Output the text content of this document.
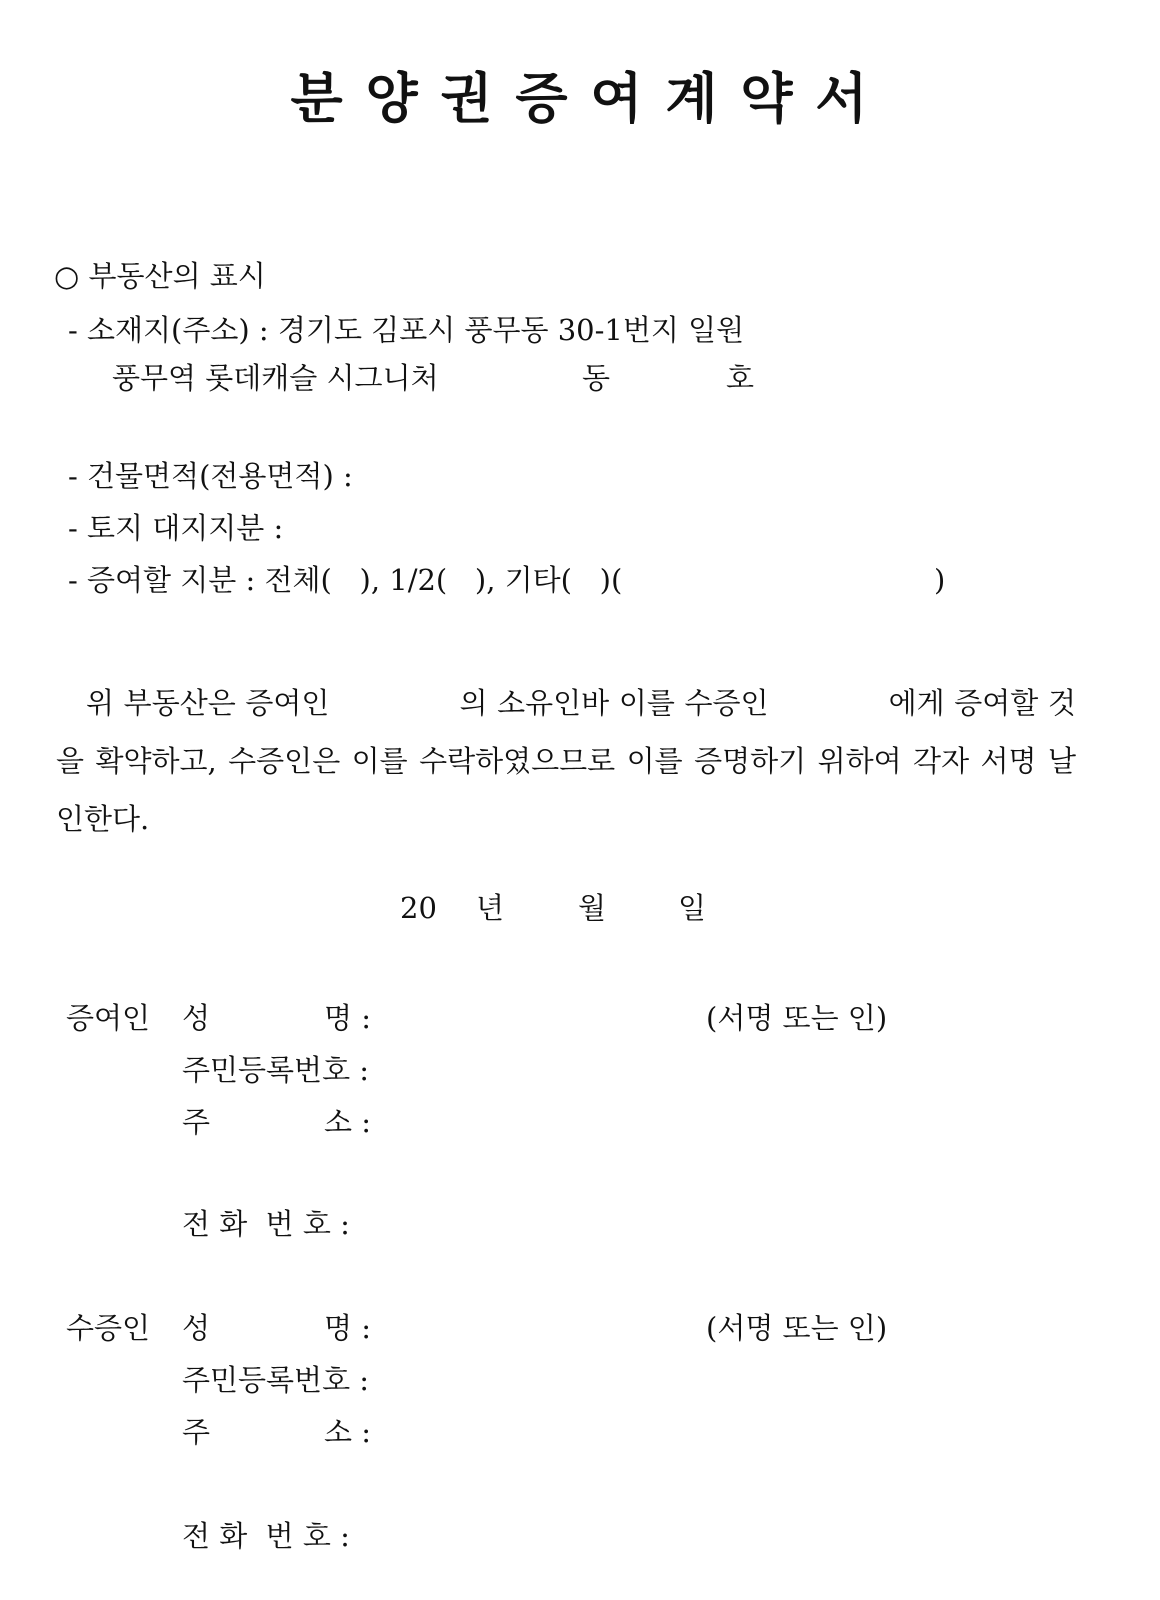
분 양 권 증 여 계 약 서
○ 부동산의 표시
- 소재지(주소) : 경기도 김포시 풍무동 30-1번지 일원
풍무역 롯데캐슬 시그니처	동	호
- 건물면적(전용면적) :
- 토지 대지지분 :
- 증여할 지분 : 전체(   ), 1/2(   ), 기타(   )(	)
위 부동산은 증여인	의 소유인바 이를 수증인	에게 증여할 것을 확약하고, 수증인은 이를 수락하였으므로 이를 증명하기 위하여 각자 서명 날인한다.
20 년	월 일
증여인 성	명 :	(서명 또는 인)
주민등록번호 :
주	소 :
전 화  번 호 :
수증인 성	명 :	(서명 또는 인)
주민등록번호 :
주	소 :
전 화  번 호 :
